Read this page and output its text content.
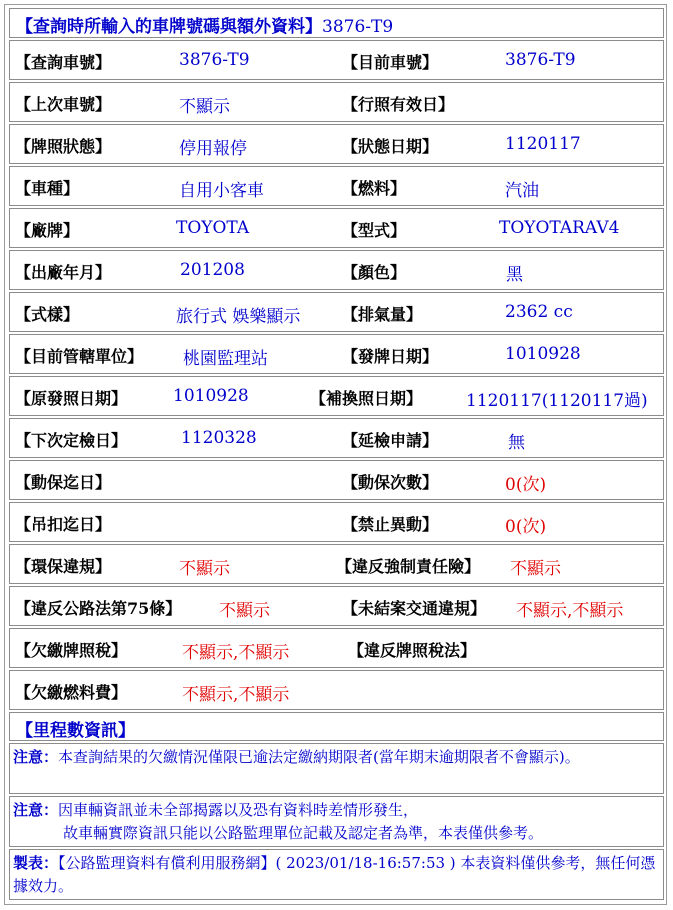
【查詢時所輸入的車牌號碼與額外資料】3876-T9
【查詢車號】	3876-T9	【目前車號】	3876-T9
【上次車號】	不顯示	【行照有效日】
【牌照狀態】	停用報停	【狀態日期】	1120117
【車種】	自用小客車	【燃料】	汽油
【廠牌】	TOYOTA	【型式】	TOYOTARAV4
【出廠年月】	201208	【顏色】	黑
【式樣】	旅行式 娛樂顯示	【排氣量】	2362 cc
【目前管轄單位】 桃園監理站	【發牌日期】	1010928
【原發照日期】	1010928	【補換照日期】	1120117(1120117過)
【下次定檢日】	1120328	【延檢申請】	無
【動保迄日】	【動保次數】	0(次)
【吊扣迄日】	【禁止異動】	0(次)
【環保違規】	不顯示	【違反強制責任險】 不顯示
【違反公路法第75條】 不顯示	【未結案交通違規】 不顯示,不顯示
【欠繳牌照稅】	不顯示,不顯示	【違反牌照稅法】
【欠繳燃料費】	不顯示,不顯示
【里程數資訊】
注意：本查詢結果的欠繳情況僅限已逾法定繳納期限者(當年期末逾期限者不會顯示)。
注意：因車輛資訊並未全部揭露以及恐有資料時差情形發生，
故車輛實際資訊只能以公路監理單位記載及認定者為準，本表僅供參考。
製表：【公路監理資料有償利用服務網】( 2023/01/18-16:57:53 ) 本表資料僅供參考，無任何憑據效力。
